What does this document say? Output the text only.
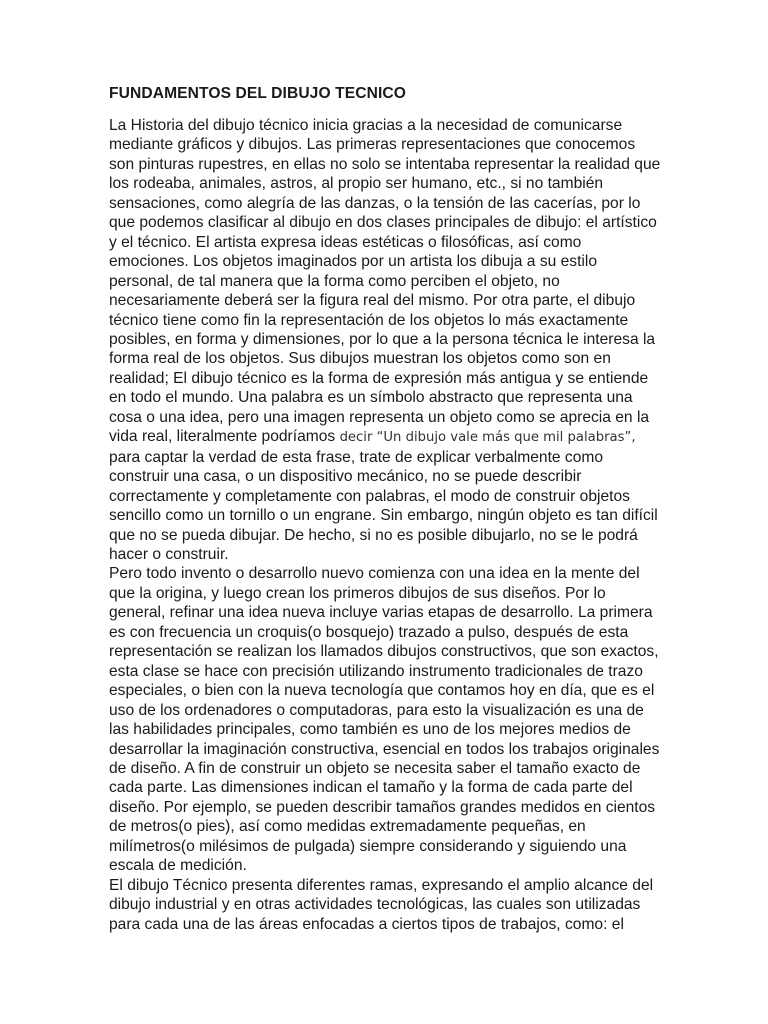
FUNDAMENTOS DEL DIBUJO TECNICO
La Historia del dibujo técnico inicia gracias a la necesidad de comunicarse
mediante gráficos y dibujos. Las primeras representaciones que conocemos
son pinturas rupestres, en ellas no solo se intentaba representar la realidad que
los rodeaba, animales, astros, al propio ser humano, etc., si no también
sensaciones, como alegría de las danzas, o la tensión de las cacerías, por lo
que podemos clasificar al dibujo en dos clases principales de dibujo: el artístico
y el técnico. El artista expresa ideas estéticas o filosóficas, así como
emociones. Los objetos imaginados por un artista los dibuja a su estilo
personal, de tal manera que la forma como perciben el objeto, no
necesariamente deberá ser la figura real del mismo. Por otra parte, el dibujo
técnico tiene como fin la representación de los objetos lo más exactamente
posibles, en forma y dimensiones, por lo que a la persona técnica le interesa la
forma real de los objetos. Sus dibujos muestran los objetos como son en
realidad; El dibujo técnico es la forma de expresión más antigua y se entiende
en todo el mundo. Una palabra es un símbolo abstracto que representa una
cosa o una idea, pero una imagen representa un objeto como se aprecia en la
vida real, literalmente podríamos decir “Un dibujo vale más que mil palabras”,
para captar la verdad de esta frase, trate de explicar verbalmente como
construir una casa, o un dispositivo mecánico, no se puede describir
correctamente y completamente con palabras, el modo de construir objetos
sencillo como un tornillo o un engrane. Sin embargo, ningún objeto es tan difícil
que no se pueda dibujar. De hecho, si no es posible dibujarlo, no se le podrá
hacer o construir.
Pero todo invento o desarrollo nuevo comienza con una idea en la mente del
que la origina, y luego crean los primeros dibujos de sus diseños. Por lo
general, refinar una idea nueva incluye varias etapas de desarrollo. La primera
es con frecuencia un croquis(o bosquejo) trazado a pulso, después de esta
representación se realizan los llamados dibujos constructivos, que son exactos,
esta clase se hace con precisión utilizando instrumento tradicionales de trazo
especiales, o bien con la nueva tecnología que contamos hoy en día, que es el
uso de los ordenadores o computadoras, para esto la visualización es una de
las habilidades principales, como también es uno de los mejores medios de
desarrollar la imaginación constructiva, esencial en todos los trabajos originales
de diseño. A fin de construir un objeto se necesita saber el tamaño exacto de
cada parte. Las dimensiones indican el tamaño y la forma de cada parte del
diseño. Por ejemplo, se pueden describir tamaños grandes medidos en cientos
de metros(o pies), así como medidas extremadamente pequeñas, en
milímetros(o milésimos de pulgada) siempre considerando y siguiendo una
escala de medición.
El dibujo Técnico presenta diferentes ramas, expresando el amplio alcance del
dibujo industrial y en otras actividades tecnológicas, las cuales son utilizadas
para cada una de las áreas enfocadas a ciertos tipos de trabajos, como: el
